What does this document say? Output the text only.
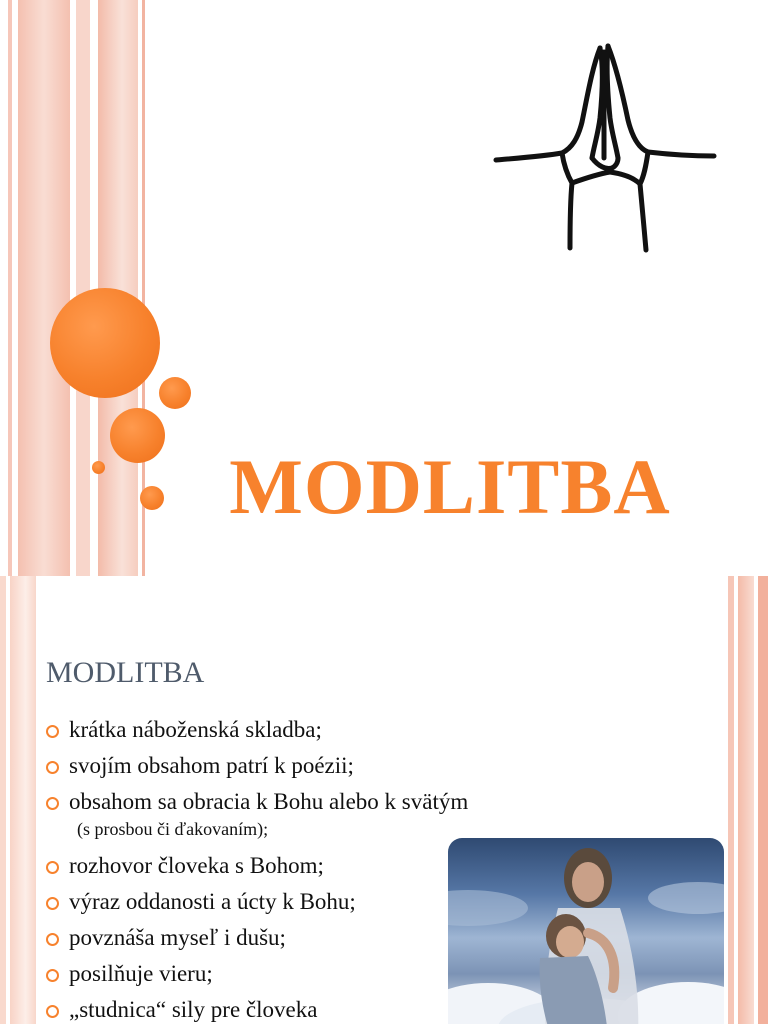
MODLITBA
MODLITBA
krátka náboženská skladba;
svojím obsahom patrí k poézii;
obsahom sa obracia k Bohu alebo k svätým
(s prosbou či ďakovaním);
rozhovor človeka s Bohom;
výraz oddanosti a úcty k Bohu;
povznáša myseľ i dušu;
posilňuje vieru;
„studnica“ sily pre človeka
